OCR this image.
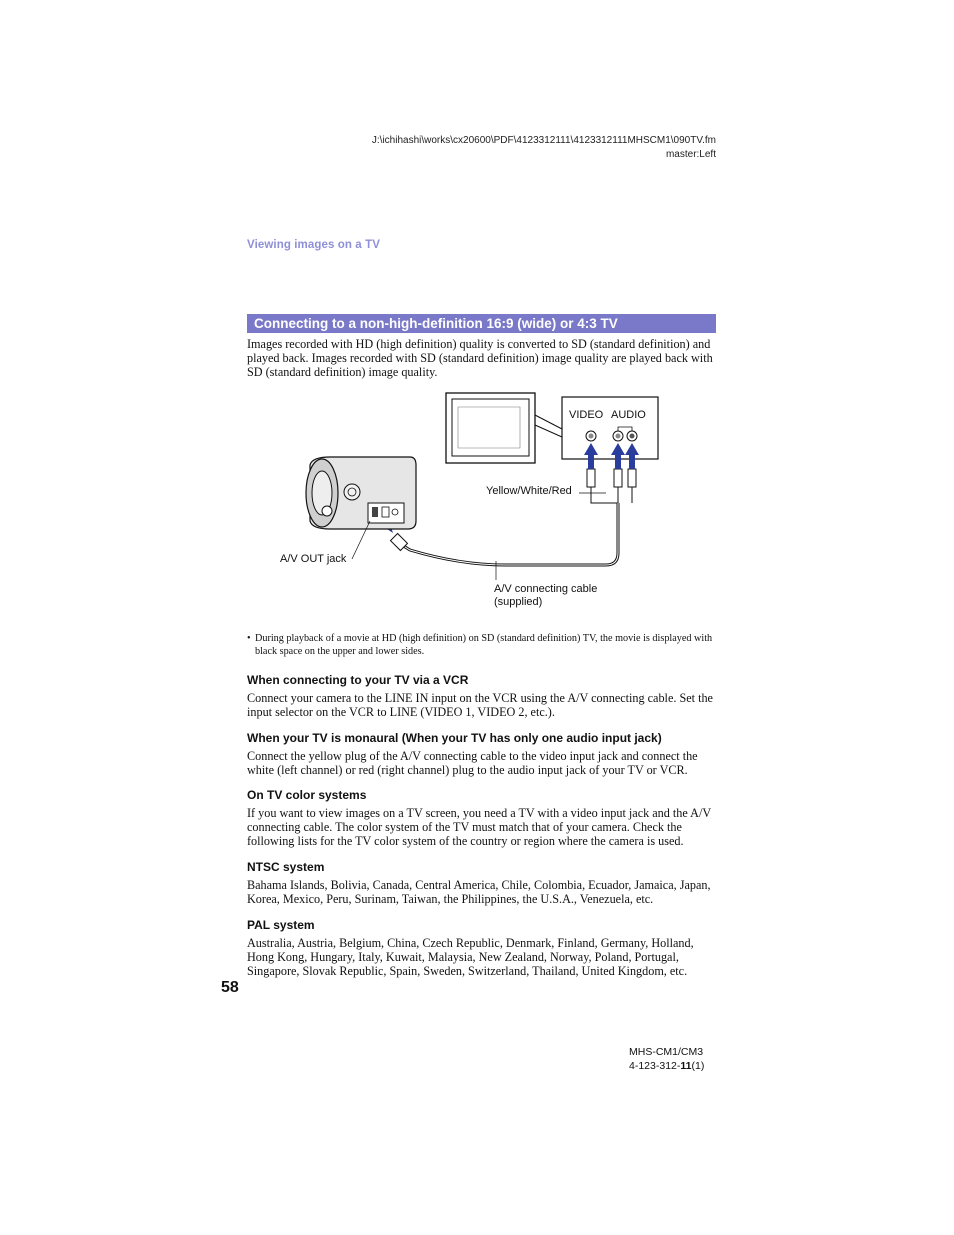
J:\ichihashi\works\cx20600\PDF\4123312111\4123312111MHSCM1\090TV.fm
master:Left
Viewing images on a TV
Connecting to a non-high-definition 16:9 (wide) or 4:3 TV

Images recorded with HD (high definition) quality is converted to SD (standard definition) and played back. Images recorded with SD (standard definition) image quality are played back with SD (standard definition) image quality.

VIDEO AUDIO
Yellow/White/Red
A/V OUT jack
A/V connecting cable
(supplied)
• During playback of a movie at HD (high definition) on SD (standard definition) TV, the movie is displayed with black space on the upper and lower sides.
When connecting to your TV via a VCR

Connect your camera to the LINE IN input on the VCR using the A/V connecting cable. Set the input selector on the VCR to LINE (VIDEO 1, VIDEO 2, etc.).

When your TV is monaural (When your TV has only one audio input jack)

Connect the yellow plug of the A/V connecting cable to the video input jack and connect the white (left channel) or red (right channel) plug to the audio input jack of your TV or VCR.

On TV color systems

If you want to view images on a TV screen, you need a TV with a video input jack and the A/V connecting cable. The color system of the TV must match that of your camera. Check the following lists for the TV color system of the country or region where the camera is used.

NTSC system

Bahama Islands, Bolivia, Canada, Central America, Chile, Colombia, Ecuador, Jamaica, Japan, Korea, Mexico, Peru, Surinam, Taiwan, the Philippines, the U.S.A., Venezuela, etc.

PAL system

Australia, Austria, Belgium, China, Czech Republic, Denmark, Finland, Germany, Holland, Hong Kong, Hungary, Italy, Kuwait, Malaysia, New Zealand, Norway, Poland, Portugal, Singapore, Slovak Republic, Spain, Sweden, Switzerland, Thailand, United Kingdom, etc.

58
MHS-CM1/CM3
4-123-312-11(1)
